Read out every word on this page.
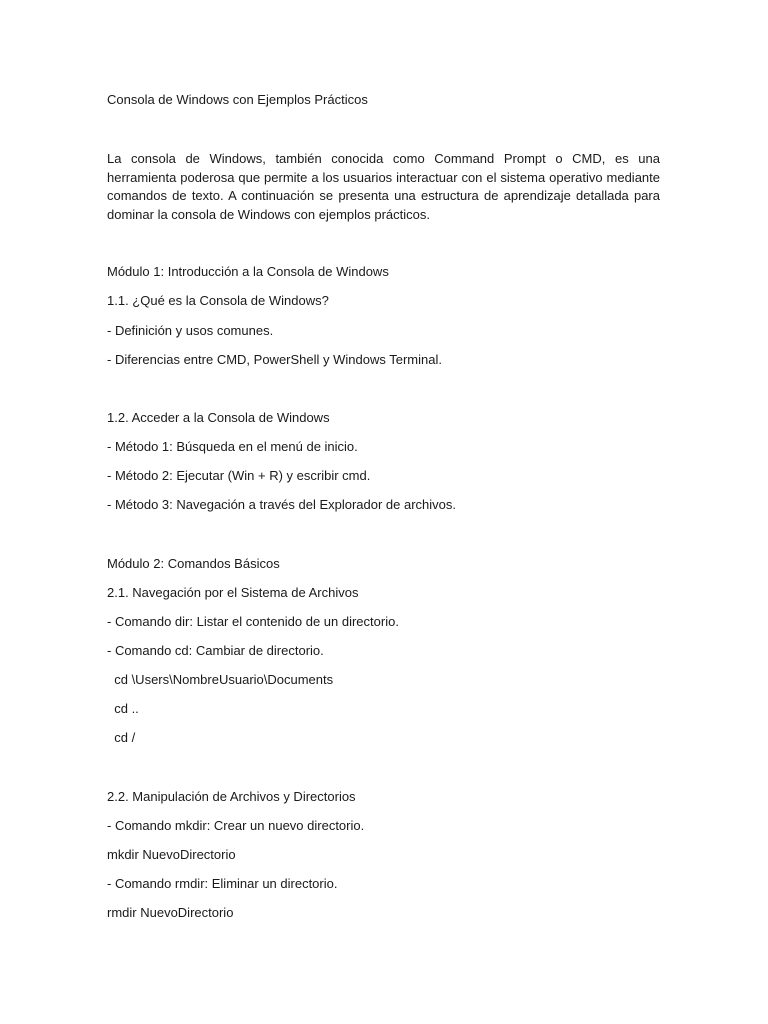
Consola de Windows con Ejemplos Prácticos

La consola de Windows, también conocida como Command Prompt o CMD, es una herramienta poderosa que permite a los usuarios interactuar con el sistema operativo mediante comandos de texto. A continuación se presenta una estructura de aprendizaje detallada para dominar la consola de Windows con ejemplos prácticos.

Módulo 1: Introducción a la Consola de Windows

1.1. ¿Qué es la Consola de Windows?

- Definición y usos comunes.

- Diferencias entre CMD, PowerShell y Windows Terminal.

1.2. Acceder a la Consola de Windows

- Método 1: Búsqueda en el menú de inicio.

- Método 2: Ejecutar (Win + R) y escribir cmd.

- Método 3: Navegación a través del Explorador de archivos.

Módulo 2: Comandos Básicos

2.1. Navegación por el Sistema de Archivos

- Comando dir: Listar el contenido de un directorio.

- Comando cd: Cambiar de directorio.

cd \Users\NombreUsuario\Documents

cd ..

cd /

2.2. Manipulación de Archivos y Directorios

- Comando mkdir: Crear un nuevo directorio.

mkdir NuevoDirectorio

- Comando rmdir: Eliminar un directorio.

rmdir NuevoDirectorio
